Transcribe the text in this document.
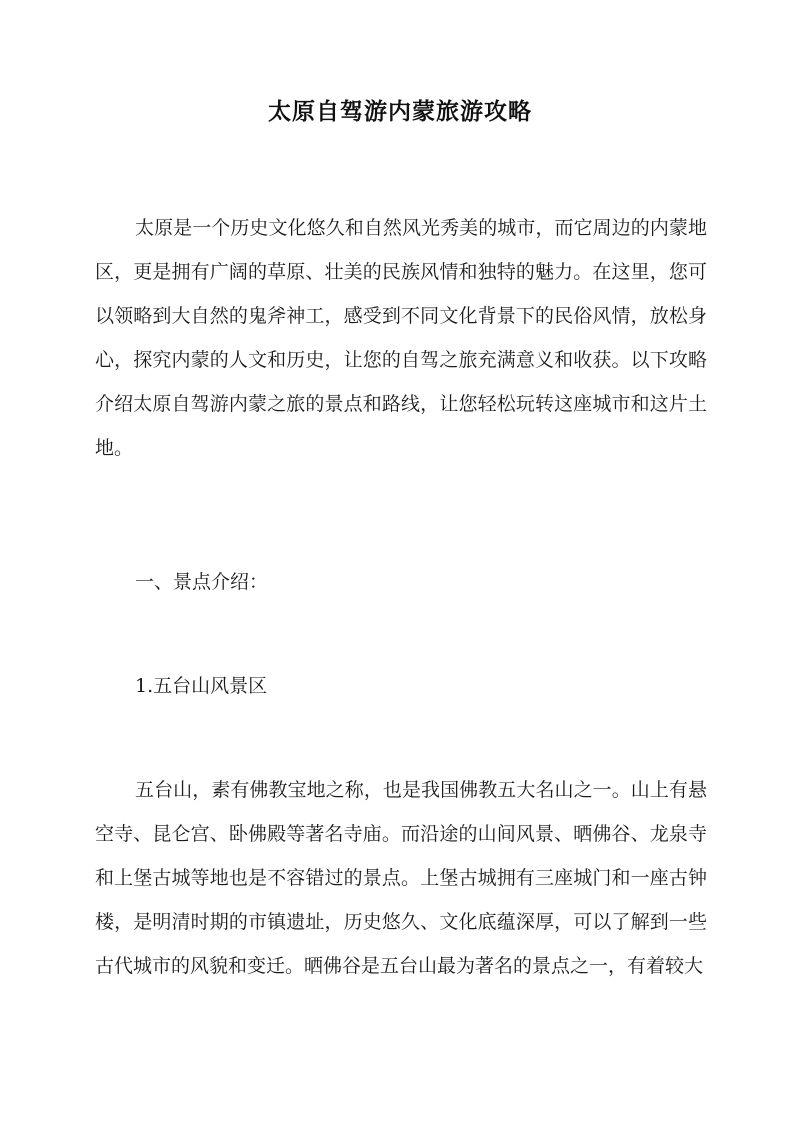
太原自驾游内蒙旅游攻略

太原是一个历史文化悠久和自然风光秀美的城市，而它周边的内蒙地区，更是拥有广阔的草原、壮美的民族风情和独特的魅力。在这里，您可以领略到大自然的鬼斧神工，感受到不同文化背景下的民俗风情，放松身心，探究内蒙的人文和历史，让您的自驾之旅充满意义和收获。以下攻略介绍太原自驾游内蒙之旅的景点和路线，让您轻松玩转这座城市和这片土地。

一、景点介绍：

1.五台山风景区

五台山，素有佛教宝地之称，也是我国佛教五大名山之一。山上有悬空寺、昆仑宫、卧佛殿等著名寺庙。而沿途的山间风景、晒佛谷、龙泉寺和上堡古城等地也是不容错过的景点。上堡古城拥有三座城门和一座古钟楼，是明清时期的市镇遗址，历史悠久、文化底蕴深厚，可以了解到一些古代城市的风貌和变迁。晒佛谷是五台山最为著名的景点之一，有着较大
